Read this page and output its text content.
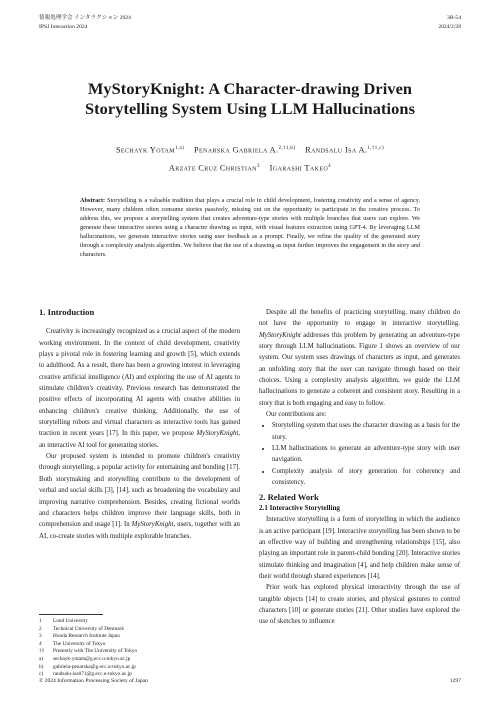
情報処理学会 インタラクション 2024
IPSJ Interaction 2024
3B-54
2024/2/28
MyStoryKnight: A Character-drawing Driven
Storytelling System Using LLM Hallucinations
Sechayk Yotam$^{1,a)}$ Penarska Gabriela A.$^{2,\dagger 1,b)}$ Randsalu Isa A.$^{1,\dagger 1,c)}$
Arzate Cruz Christian$^3$ Igarashi Takeo$^4$
Abstract: Storytelling is a valuable tradition that plays a crucial role in child development, fostering creativity and a sense of agency. However, many children often consume stories passively, missing out on the opportunity to participate in the creative process. To address this, we propose a storytelling system that creates adventure-type stories with multiple branches that users can explore. We generate these interactive stories using a character drawing as input, with visual features extraction using GPT-4. By leveraging LLM hallucinations, we generate interactive stories using user feedback as a prompt. Finally, we refine the quality of the generated story through a complexity analysis algorithm. We believe that the use of a drawing as input further improves the engagement in the story and characters.
1. Introduction

Creativity is increasingly recognized as a crucial aspect of the modern working environment. In the context of child development, creativity plays a pivotal role in fostering learning and growth [5], which extends to adulthood. As a result, there has been a growing interest in leveraging creative artificial intelligence (AI) and exploring the use of AI agents to stimulate children's creativity. Previous research has demonstrated the positive effects of incorporating AI agents with creative abilities in enhancing children's creative thinking. Additionally, the use of storytelling robots and virtual characters as interactive tools has gained traction in recent years [17]. In this paper, we propose MyStoryKnight, an interactive AI tool for generating stories.

Our proposed system is intended to promote children's creativity through storytelling, a popular activity for entertaining and bonding [17]. Both storymaking and storytelling contribute to the development of verbal and social skills [3], [14], such as broadening the vocabulary and improving narrative comprehension. Besides, creating fictional worlds and characters helps children improve their language skills, both in comprehension and usage [1]. In MyStoryKnight, users, together with an AI, co-create stories with multiple explorable branches.

1 Lund University
2 Technical University of Denmark
3 Honda Research Institute Japan
4 The University of Tokyo
†1 Presently with The University of Tokyo
a) sechayk-yotam@g.ecc.u-tokyo.ac.jp
b) gabriela-penarska@g.ecc.u-tokyo.ac.jp
c) randsalu-isa071@g.ecc.u-tokyo.ac.jp

Despite all the benefits of practicing storytelling, many children do not have the opportunity to engage in interactive storytelling. MyStoryKnight addresses this problem by generating an adventure-type story through LLM hallucinations. Figure 1 shows an overview of our system. Our system uses drawings of characters as input, and generates an unfolding story that the user can navigate through based on their choices. Using a complexity analysis algorithm, we guide the LLM hallucinations to generate a coherent and consistent story. Resulting in a story that is both engaging and easy to follow.

Our contributions are:

• Storytelling system that uses the character drawing as a basis for the story.
• LLM hallucinations to generate an adventure-type story with user navigation.
• Complexity analysis of story generation for coherency and consistency.
2. Related Work
2.1 Interactive Storytelling

Interactive storytelling is a form of storytelling in which the audience is an active participant [19]. Interactive storytelling has been shown to be an effective way of building and strengthening relationships [15], also playing an important role in parent-child bonding [20]. Interactive stories stimulate thinking and imagination [4], and help children make sense of their world through shared experiences [14].

Prior work has explored physical interactivity through the use of tangible objects [14] to create stories, and physical gestures to control characters [10] or generate stories [21]. Other studies have explored the use of sketches to influence

© 2024 Information Processing Society of Japan	1297
